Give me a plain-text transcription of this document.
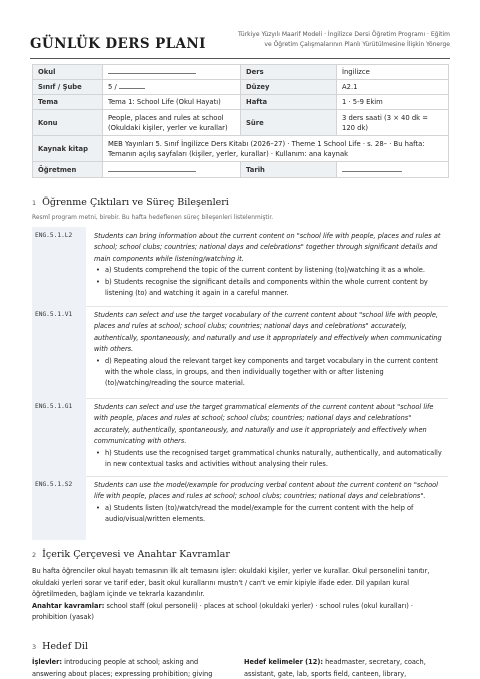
GÜNLÜK DERS PLANI
Türkiye Yüzyılı Maarif Modeli · İngilizce Dersi Öğretim Programı · Eğitim
ve Öğretim Çalışmalarının Planlı Yürütülmesine İlişkin Yönerge
Okul		Ders	İngilizce
Sınıf / Şube	5 /	Düzey	A2.1
Tema	Tema 1: School Life (Okul Hayatı)	Hafta	1 · 5-9 Ekim
Konu	People, places and rules at school (Okuldaki kişiler, yerler ve kurallar)	Süre	3 ders saati (3 × 40 dk = 120 dk)
Kaynak kitap	MEB Yayınları 5. Sınıf İngilizce Ders Kitabı (2026–27) · Theme 1 School Life · s. 28– · Bu hafta: Temanın açılış sayfaları (kişiler, yerler, kurallar) · Kullanım: ana kaynak		
Öğretmen		Tarih	
1 Öğrenme Çıktıları ve Süreç Bileşenleri
Resmî program metni, birebir. Bu hafta hedeflenen süreç bileşenleri listelenmiştir.
ENG.5.1.L2	Students can bring information about the current content on "school life with people, places and rules at school; school clubs; countries; national days and celebrations" together through significant details and main components while listening/watching it.
• a) Students comprehend the topic of the current content by listening (to)/watching it as a whole.
• b) Students recognise the significant details and components within the whole current content by listening (to) and watching it again in a careful manner.
ENG.5.1.V1	Students can select and use the target vocabulary of the current content about "school life with people, places and rules at school; school clubs; countries; national days and celebrations" accurately, authentically, spontaneously, and naturally and use it appropriately and effectively when communicating with others.
• d) Repeating aloud the relevant target key components and target vocabulary in the current content with the whole class, in groups, and then individually together with or after listening (to)/watching/reading the source material.
ENG.5.1.G1	Students can select and use the target grammatical elements of the current content about "school life with people, places and rules at school; school clubs; countries; national days and celebrations" accurately, authentically, spontaneously, and naturally and use it appropriately and effectively when communicating with others.
• h) Students use the recognised target grammatical chunks naturally, authentically, and automatically in new contextual tasks and activities without analysing their rules.
ENG.5.1.S2	Students can use the model/example for producing verbal content about the current content on "school life with people, places and rules at school; school clubs; countries; national days and celebrations".
• a) Students listen (to)/watch/read the model/example for the current content with the help of audio/visual/written elements.
2 İçerik Çerçevesi ve Anahtar Kavramlar
Bu hafta öğrenciler okul hayatı temasının ilk alt temasını işler: okuldaki kişiler, yerler ve kurallar. Okul personelini tanıtır, okuldaki yerleri sorar ve tarif eder, basit okul kurallarını mustn't / can't ve emir kipiyle ifade eder. Dil yapıları kural öğretilmeden, bağlam içinde ve tekrarla kazandırılır.
Anahtar kavramlar: school staff (okul personeli) · places at school (okuldaki yerler) · school rules (okul kuralları) · prohibition (yasak)
3 Hedef Dil
İşlevler: introducing people at school; asking and answering about places; expressing prohibition; giving
Hedef kelimeler (12): headmaster, secretary, coach, assistant, gate, lab, sports field, canteen, library,
